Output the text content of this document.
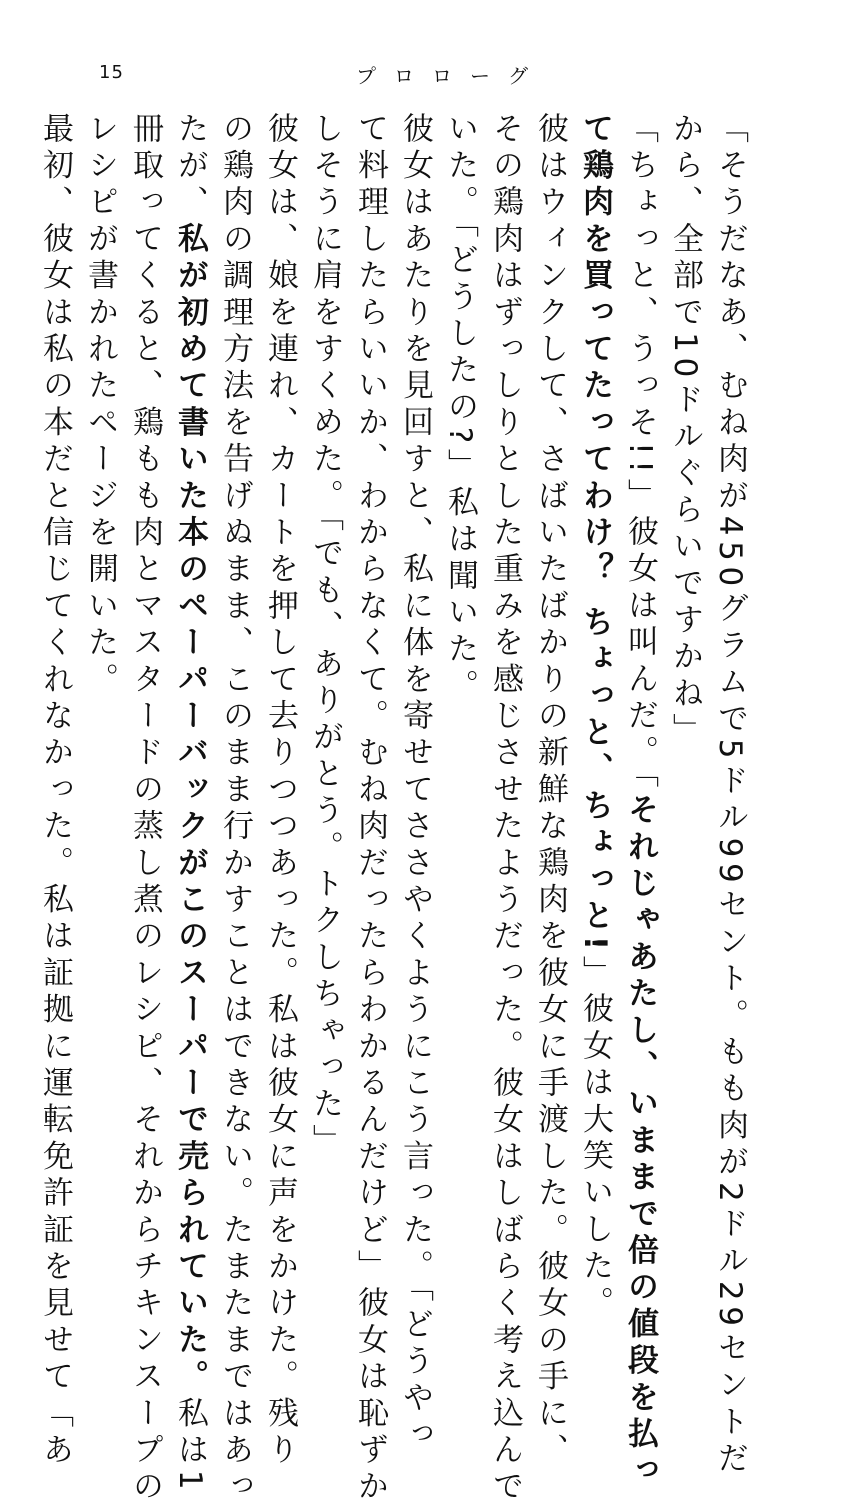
15	プロローグ
「そうだなあ、むね肉が450グラムで5ドル99セント。もも肉が2ドル29セントだ
から、全部で10ドルぐらいですかね」
「ちょっと、うっそ!!」彼女は叫んだ。「それじゃあたし、いままで倍の値段を払っ
て鶏肉を買ってたってわけ？ ちょっと、ちょっと!」彼女は大笑いした。
彼はウィンクして、さばいたばかりの新鮮な鶏肉を彼女に手渡した。彼女の手に、
その鶏肉はずっしりとした重みを感じさせたようだった。彼女はしばらく考え込んで
いた。「どうしたの?」私は聞いた。
彼女はあたりを見回すと、私に体を寄せてささやくようにこう言った。「どうやっ
て料理したらいいか、わからなくて。むね肉だったらわかるんだけど」彼女は恥ずか
しそうに肩をすくめた。「でも、ありがとう。トクしちゃった」
彼女は、娘を連れ、カートを押して去りつつあった。私は彼女に声をかけた。残り
の鶏肉の調理方法を告げぬまま、このまま行かすことはできない。たまたまではあっ
たが、私が初めて書いた本のペーパーバックがこのスーパーで売られていた。私は1
冊取ってくると、鶏もも肉とマスタードの蒸し煮のレシピ、それからチキンスープの
レシピが書かれたページを開いた。
最初、彼女は私の本だと信じてくれなかった。私は証拠に運転免許証を見せて「あ
